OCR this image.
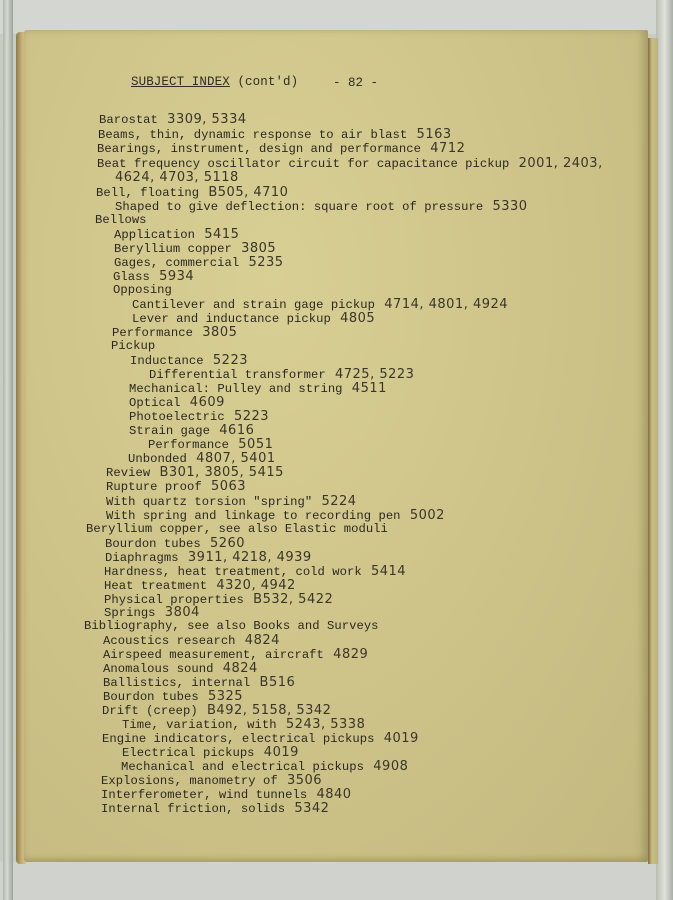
SUBJECT INDEX (cont'd)	- 82 -
Barostat  3309, 5334
Beams, thin, dynamic response to air blast  5163
Bearings, instrument, design and performance  4712
Beat frequency oscillator circuit for capacitance pickup  2001, 2403,
4624, 4703, 5118
Bell, floating  B505, 4710
Shaped to give deflection: square root of pressure  5330
Bellows
Application  5415
Beryllium copper  3805
Gages, commercial  5235
Glass  5934
Opposing
Cantilever and strain gage pickup  4714, 4801, 4924
Lever and inductance pickup  4805
Performance  3805
Pickup
Inductance  5223
Differential transformer  4725, 5223
Mechanical: Pulley and string  4511
Optical  4609
Photoelectric  5223
Strain gage  4616
Performance  5051
Unbonded  4807, 5401
Review  B301, 3805, 5415
Rupture proof  5063
With quartz torsion "spring"  5224
With spring and linkage to recording pen  5002
Beryllium copper, see also Elastic moduli
Bourdon tubes  5260
Diaphragms  3911, 4218, 4939
Hardness, heat treatment, cold work  5414
Heat treatment  4320, 4942
Physical properties  B532, 5422
Springs  3804
Bibliography, see also Books and Surveys
Acoustics research  4824
Airspeed measurement, aircraft  4829
Anomalous sound  4824
Ballistics, internal  B516
Bourdon tubes  5325
Drift (creep)  B492, 5158, 5342
Time, variation, with  5243, 5338
Engine indicators, electrical pickups  4019
Electrical pickups  4019
Mechanical and electrical pickups  4908
Explosions, manometry of  3506
Interferometer, wind tunnels  4840
Internal friction, solids  5342
